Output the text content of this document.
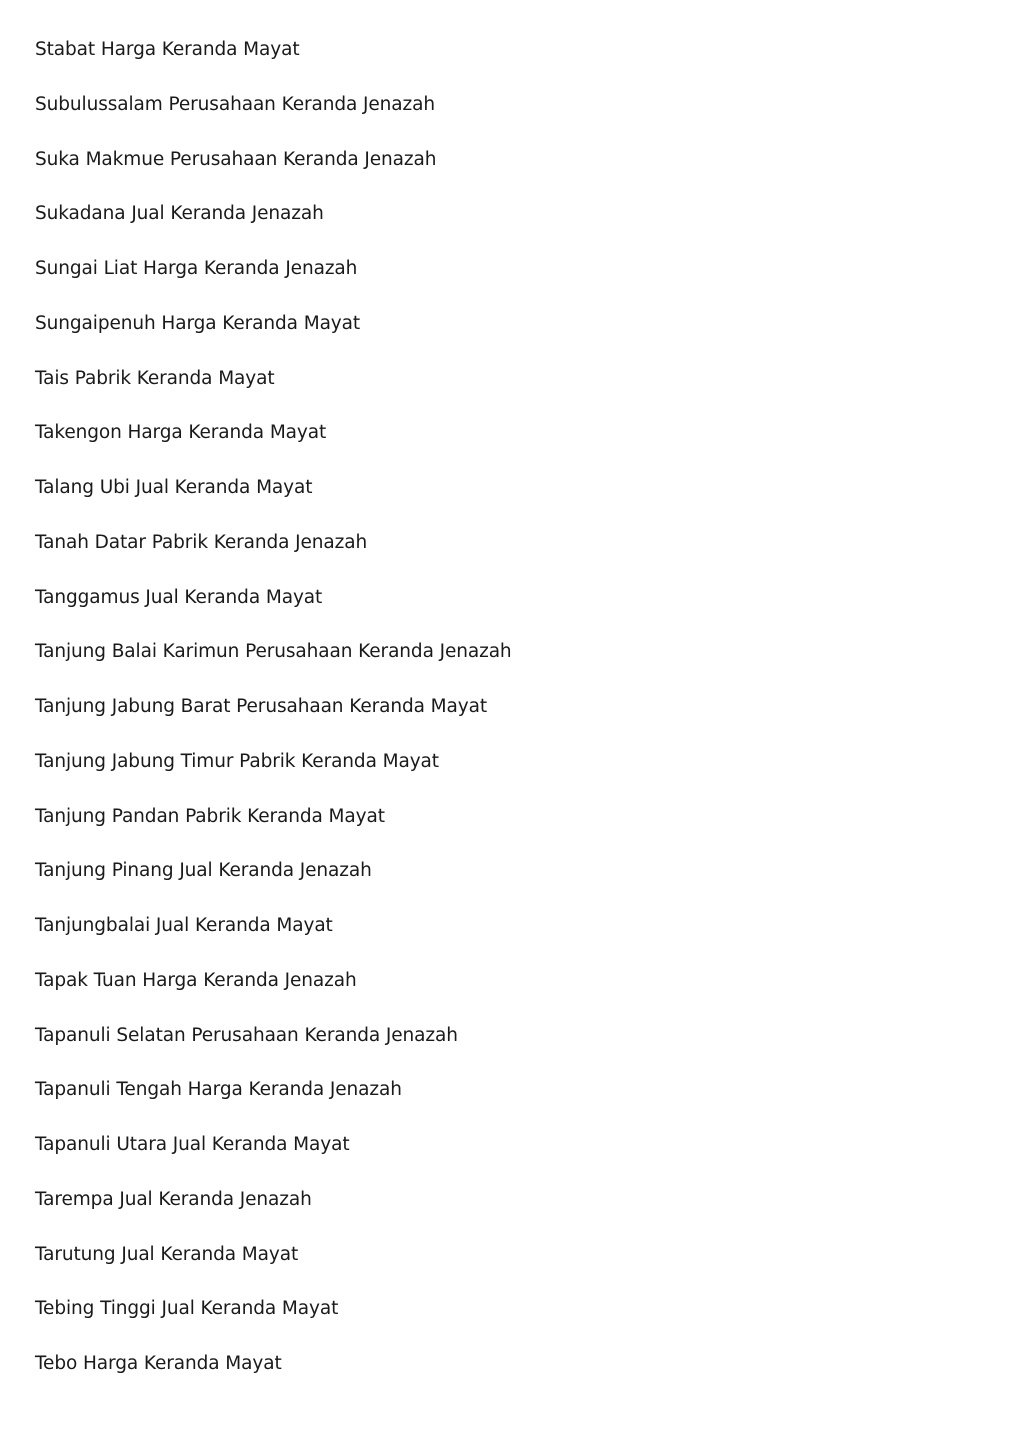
Stabat Harga Keranda Mayat
Subulussalam Perusahaan Keranda Jenazah
Suka Makmue Perusahaan Keranda Jenazah
Sukadana Jual Keranda Jenazah
Sungai Liat Harga Keranda Jenazah
Sungaipenuh Harga Keranda Mayat
Tais Pabrik Keranda Mayat
Takengon Harga Keranda Mayat
Talang Ubi Jual Keranda Mayat
Tanah Datar Pabrik Keranda Jenazah
Tanggamus Jual Keranda Mayat
Tanjung Balai Karimun Perusahaan Keranda Jenazah
Tanjung Jabung Barat Perusahaan Keranda Mayat
Tanjung Jabung Timur Pabrik Keranda Mayat
Tanjung Pandan Pabrik Keranda Mayat
Tanjung Pinang Jual Keranda Jenazah
Tanjungbalai Jual Keranda Mayat
Tapak Tuan Harga Keranda Jenazah
Tapanuli Selatan Perusahaan Keranda Jenazah
Tapanuli Tengah Harga Keranda Jenazah
Tapanuli Utara Jual Keranda Mayat
Tarempa Jual Keranda Jenazah
Tarutung Jual Keranda Mayat
Tebing Tinggi Jual Keranda Mayat
Tebo Harga Keranda Mayat
